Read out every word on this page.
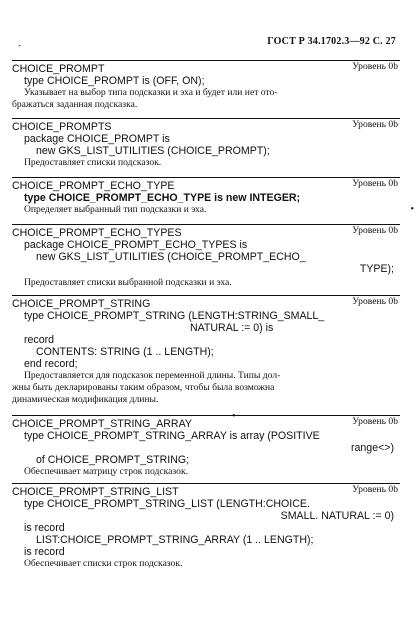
ˏ	ГОСТ Р 34.1702.3—92 С. 27
CHOICE_PROMPT	Уровень 0b
type CHOICE_PROMPT is (OFF, ON);
Указывает на выбор типа подсказки и эха и будет или нет ото-
бражаться заданная подсказка.
CHOICE_PROMPTS	Уровень 0b
package CHOICE_PROMPT is
new GKS_LIST_UTILITIES (CHOICE_PROMPT);
Предоставляет списки подсказок.
CHOICE_PROMPT_ECHO_TYPE	Уровень 0b
type CHOICE_PROMPT_ECHO_TYPE is new INTEGER;
Определяет выбранный тип подсказки и эха.	•
CHOICE_PROMPT_ECHO_TYPES	Уровень 0b
package CHOICE_PROMPT_ECHO_TYPES is
new GKS_LIST_UTILITIES (CHOICE_PROMPT_ECHO_
TYPE);
Предоставляет списки выбранной подсказки и эха.
CHOICE_PROMPT_STRING	Уровень 0b
type CHOICE_PROMPT_STRING (LENGTH:STRING_SMALL_
NATURAL := 0) is
record
CONTENTS: STRING (1 .. LENGTH);
end record;
Предоставляется для подсказок переменной длины. Типы дол-
жны быть декларированы таким образом, чтобы была возможна
динамическая модификация длины.
•
CHOICE_PROMPT_STRING_ARRAY	Уровень 0b
type CHOICE_PROMPT_STRING_ARRAY is array (POSITIVE
range<>)
of CHOICE_PROMPT_STRING;
Обеспечивает матрицу строк подсказок.
CHOICE_PROMPT_STRING_LIST	Уровень 0b
type CHOICE_PROMPT_STRING_LIST (LENGTH:CHOICE.
SMALL. NATURAL := 0)
is record
LIST:CHOICE_PROMPT_STRING_ARRAY (1 .. LENGTH);
is record
Обеспечивает списки строк подсказок.
